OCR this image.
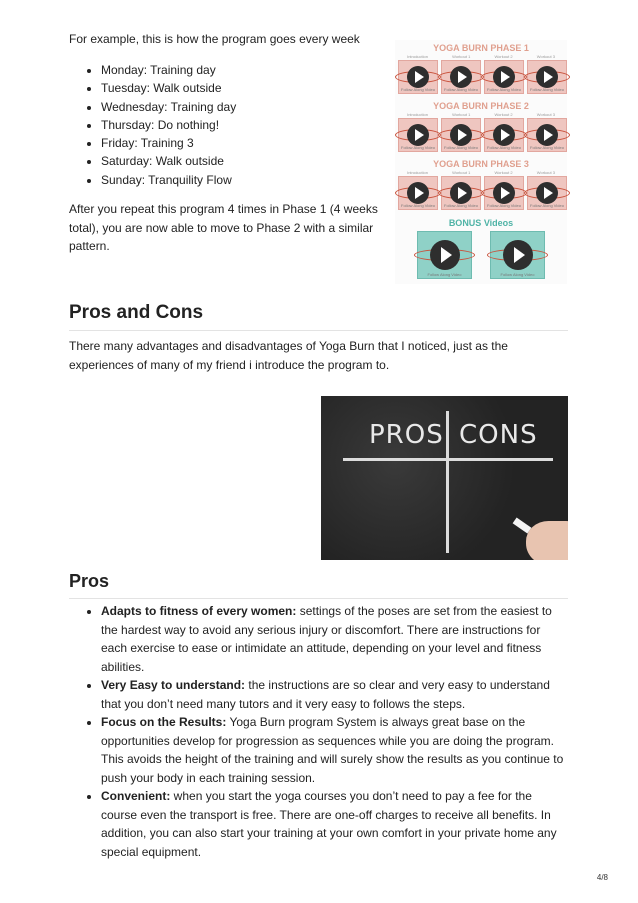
For example, this is how the program goes every week

• Monday: Training day
• Tuesday: Walk outside
• Wednesday: Training day
• Thursday: Do nothing!
• Friday: Training 3
• Saturday: Walk outside
• Sunday: Tranquility Flow

After you repeat this program 4 times in Phase 1 (4 weeks total), you are now able to move to Phase 2 with a similar pattern.

YOGA BURN PHASE 1
Introduction	Workout 1	Workout 2	Workout 3
Follow Along Video	Follow Along Video	Follow Along Video	Follow Along Video
YOGA BURN PHASE 2
Introduction	Workout 1	Workout 2	Workout 3
Follow Along Video	Follow Along Video	Follow Along Video	Follow Along Video
YOGA BURN PHASE 3
Introduction	Workout 1	Workout 2	Workout 3
Follow Along Video	Follow Along Video	Follow Along Video	Follow Along Video
BONUS Videos
Follow Along Video	Follow Along Video
Pros and Cons

There many advantages and disadvantages of Yoga Burn that I noticed, just as the experiences of many of my friend i introduce the program to.

PROS CONS
Pros
• Adapts to fitness of every women: settings of the poses are set from the easiest to the hardest way to avoid any serious injury or discomfort. There are instructions for each exercise to ease or intimidate an attitude, depending on your level and fitness abilities.
• Very Easy to understand: the instructions are so clear and very easy to understand that you don’t need many tutors and it very easy to follows the steps.
• Focus on the Results: Yoga Burn program System is always great base on the opportunities develop for progression as sequences while you are doing the program. This avoids the height of the training and will surely show the results as you continue to push your body in each training session.
• Convenient: when you start the yoga courses you don’t need to pay a fee for the course even the transport is free. There are one-off charges to receive all benefits. In addition, you can also start your training at your own comfort in your private home any special equipment.
4/8
